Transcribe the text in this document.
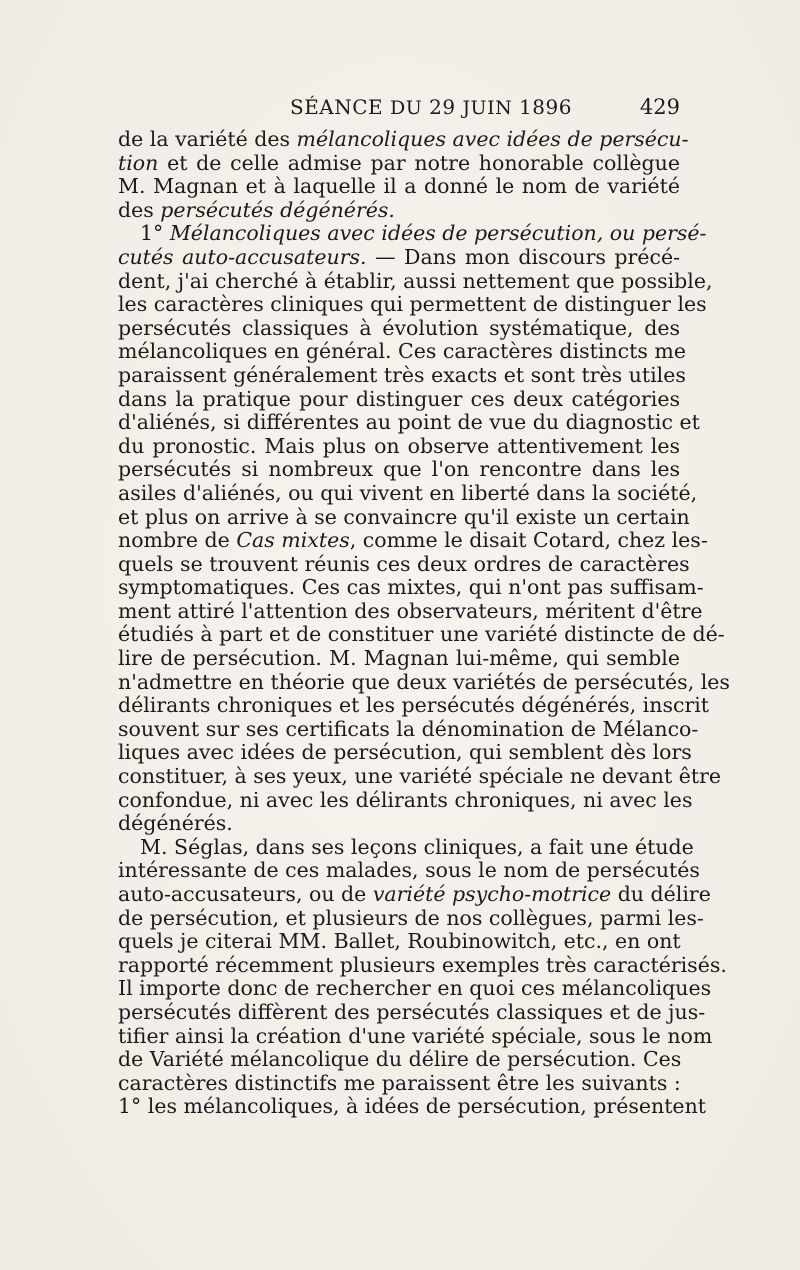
SÉANCE DU 29 JUIN 1896	429
de la variété des mélancoliques avec idées de persécu-
tion et de celle admise par notre honorable collègue
M. Magnan et à laquelle il a donné le nom de variété
des persécutés dégénérés.
1° Mélancoliques avec idées de persécution, ou persé-
cutés auto-accusateurs. — Dans mon discours précé-
dent, j'ai cherché à établir, aussi nettement que possible,
les caractères cliniques qui permettent de distinguer les
persécutés classiques à évolution systématique, des
mélancoliques en général. Ces caractères distincts me
paraissent généralement très exacts et sont très utiles
dans la pratique pour distinguer ces deux catégories
d'aliénés, si différentes au point de vue du diagnostic et
du pronostic. Mais plus on observe attentivement les
persécutés si nombreux que l'on rencontre dans les
asiles d'aliénés, ou qui vivent en liberté dans la société,
et plus on arrive à se convaincre qu'il existe un certain
nombre de Cas mixtes, comme le disait Cotard, chez les-
quels se trouvent réunis ces deux ordres de caractères
symptomatiques. Ces cas mixtes, qui n'ont pas suffisam-
ment attiré l'attention des observateurs, méritent d'être
étudiés à part et de constituer une variété distincte de dé-
lire de persécution. M. Magnan lui-même, qui semble
n'admettre en théorie que deux variétés de persécutés, les
délirants chroniques et les persécutés dégénérés, inscrit
souvent sur ses certificats la dénomination de Mélanco-
liques avec idées de persécution, qui semblent dès lors
constituer, à ses yeux, une variété spéciale ne devant être
confondue, ni avec les délirants chroniques, ni avec les
dégénérés.
M. Séglas, dans ses leçons cliniques, a fait une étude
intéressante de ces malades, sous le nom de persécutés
auto-accusateurs, ou de variété psycho-motrice du délire
de persécution, et plusieurs de nos collègues, parmi les-
quels je citerai MM. Ballet, Roubinowitch, etc., en ont
rapporté récemment plusieurs exemples très caractérisés.
Il importe donc de rechercher en quoi ces mélancoliques
persécutés diffèrent des persécutés classiques et de jus-
tifier ainsi la création d'une variété spéciale, sous le nom
de Variété mélancolique du délire de persécution. Ces
caractères distinctifs me paraissent être les suivants :
1° les mélancoliques, à idées de persécution, présentent
